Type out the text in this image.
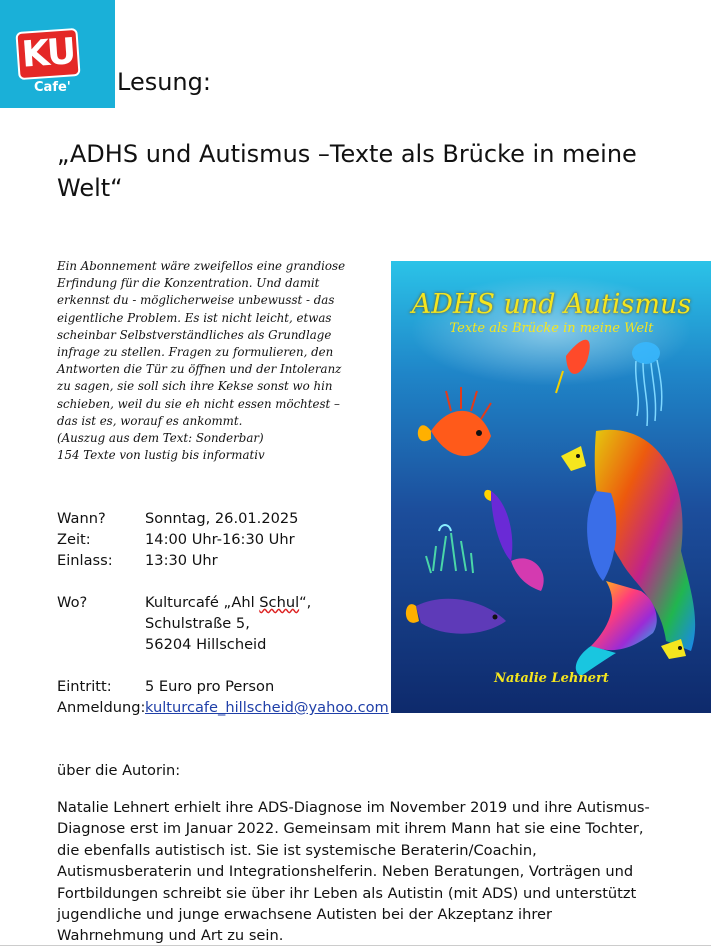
KU
Cafe' Lesung:
„ADHS und Autismus –Texte als Brücke in meine Welt“

Ein Abonnement wäre zweifellos eine grandiose

Erfindung für die Konzentration. Und damit

erkennst du - möglicherweise unbewusst - das

eigentliche Problem. Es ist nicht leicht, etwas

scheinbar Selbstverständliches als Grundlage

infrage zu stellen. Fragen zu formulieren, den

Antworten die Tür zu öffnen und der Intoleranz

zu sagen, sie soll sich ihre Kekse sonst wo hin

schieben, weil du sie eh nicht essen möchtest –

das ist es, worauf es ankommt.

(Auszug aus dem Text: Sonderbar)

154 Texte von lustig bis informativ

Wann?	Sonntag, 26.01.2025
Zeit:	14:00 Uhr-16:30 Uhr
Einlass: 13:30 Uhr
Wo?	Kulturcafé „Ahl Schul“,
Schulstraße 5,
56204 Hillscheid
Eintritt: 5 Euro pro Person
Anmeldung: kulturcafe_hillscheid@yahoo.com
ADHS und Autismus
Texte als Brücke in meine Welt
Natalie Lehnert
über die Autorin:
Natalie Lehnert erhielt ihre ADS-Diagnose im November 2019 und ihre Autismus-Diagnose erst im Januar 2022. Gemeinsam mit ihrem Mann hat sie eine Tochter, die ebenfalls autistisch ist. Sie ist systemische Beraterin/Coachin, Autismusberaterin und Integrationshelferin. Neben Beratungen, Vorträgen und Fortbildungen schreibt sie über ihr Leben als Autistin (mit ADS) und unterstützt jugendliche und junge erwachsene Autisten bei der Akzeptanz ihrer Wahrnehmung und Art zu sein.
